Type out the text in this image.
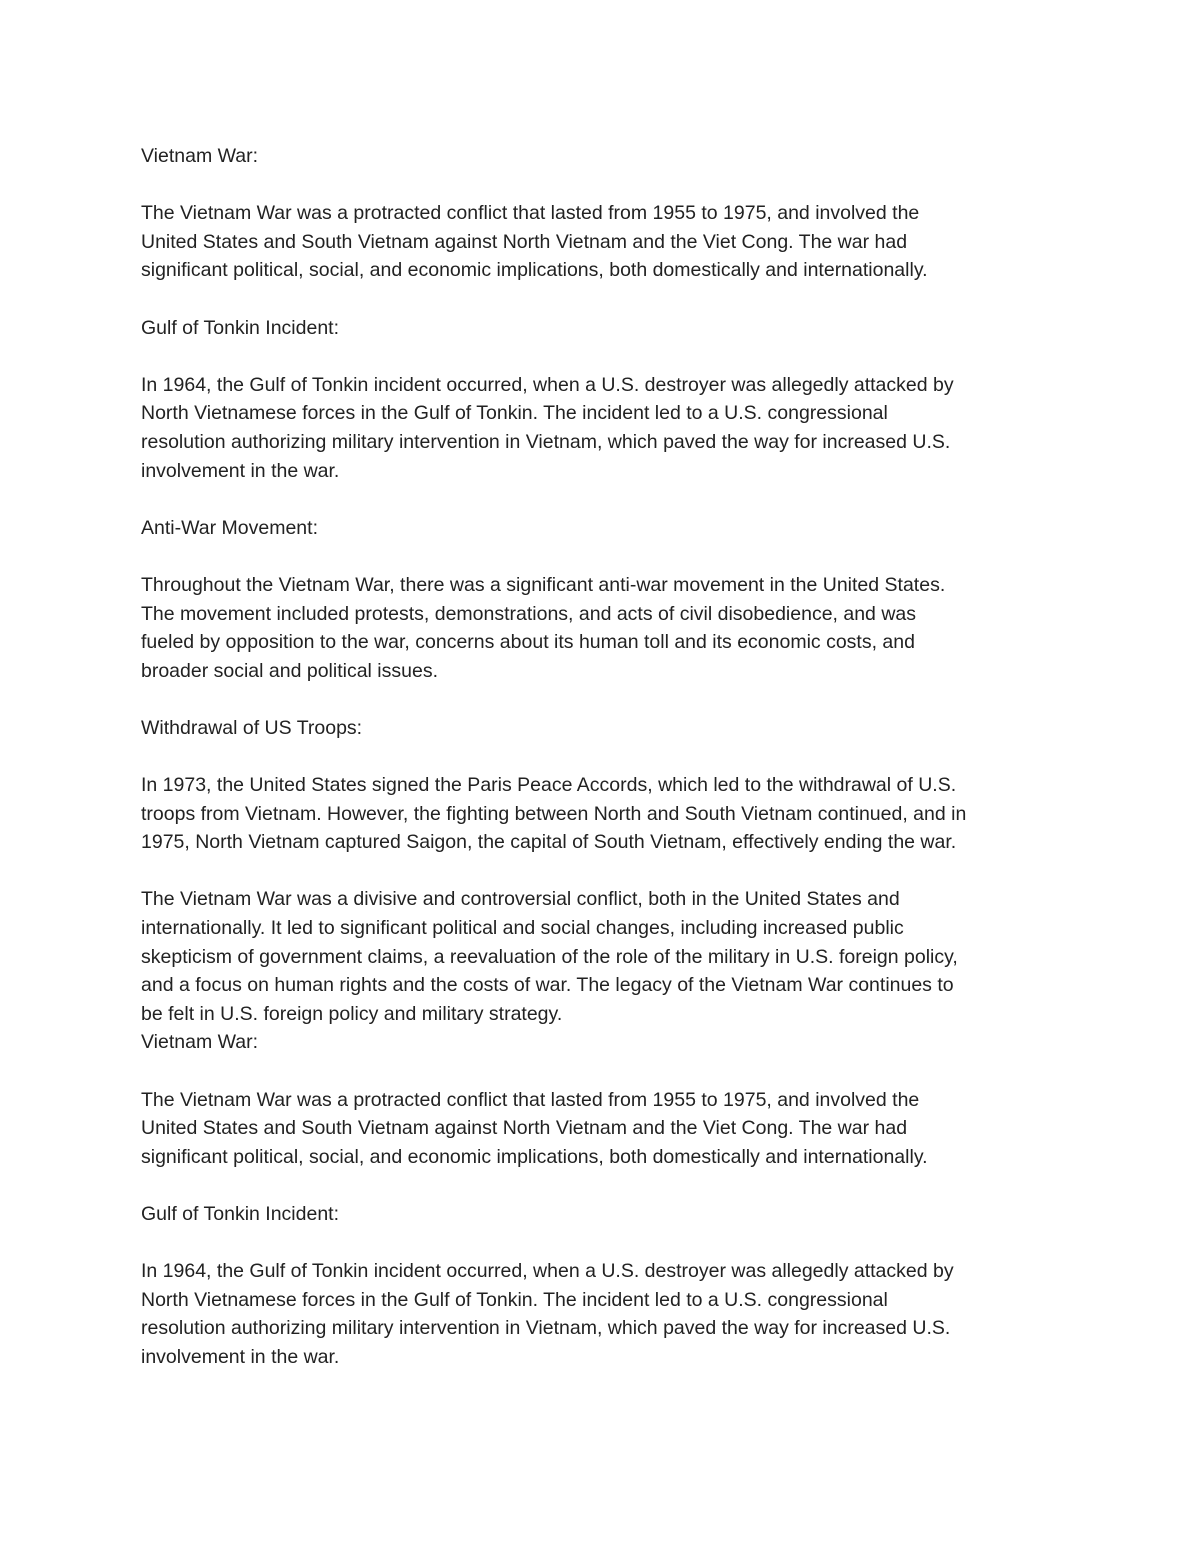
Vietnam War:
The Vietnam War was a protracted conflict that lasted from 1955 to 1975, and involved the
United States and South Vietnam against North Vietnam and the Viet Cong. The war had
significant political, social, and economic implications, both domestically and internationally.
Gulf of Tonkin Incident:
In 1964, the Gulf of Tonkin incident occurred, when a U.S. destroyer was allegedly attacked by
North Vietnamese forces in the Gulf of Tonkin. The incident led to a U.S. congressional
resolution authorizing military intervention in Vietnam, which paved the way for increased U.S.
involvement in the war.
Anti-War Movement:
Throughout the Vietnam War, there was a significant anti-war movement in the United States.
The movement included protests, demonstrations, and acts of civil disobedience, and was
fueled by opposition to the war, concerns about its human toll and its economic costs, and
broader social and political issues.
Withdrawal of US Troops:
In 1973, the United States signed the Paris Peace Accords, which led to the withdrawal of U.S.
troops from Vietnam. However, the fighting between North and South Vietnam continued, and in
1975, North Vietnam captured Saigon, the capital of South Vietnam, effectively ending the war.
The Vietnam War was a divisive and controversial conflict, both in the United States and
internationally. It led to significant political and social changes, including increased public
skepticism of government claims, a reevaluation of the role of the military in U.S. foreign policy,
and a focus on human rights and the costs of war. The legacy of the Vietnam War continues to
be felt in U.S. foreign policy and military strategy.
Vietnam War:
The Vietnam War was a protracted conflict that lasted from 1955 to 1975, and involved the
United States and South Vietnam against North Vietnam and the Viet Cong. The war had
significant political, social, and economic implications, both domestically and internationally.
Gulf of Tonkin Incident:
In 1964, the Gulf of Tonkin incident occurred, when a U.S. destroyer was allegedly attacked by
North Vietnamese forces in the Gulf of Tonkin. The incident led to a U.S. congressional
resolution authorizing military intervention in Vietnam, which paved the way for increased U.S.
involvement in the war.
